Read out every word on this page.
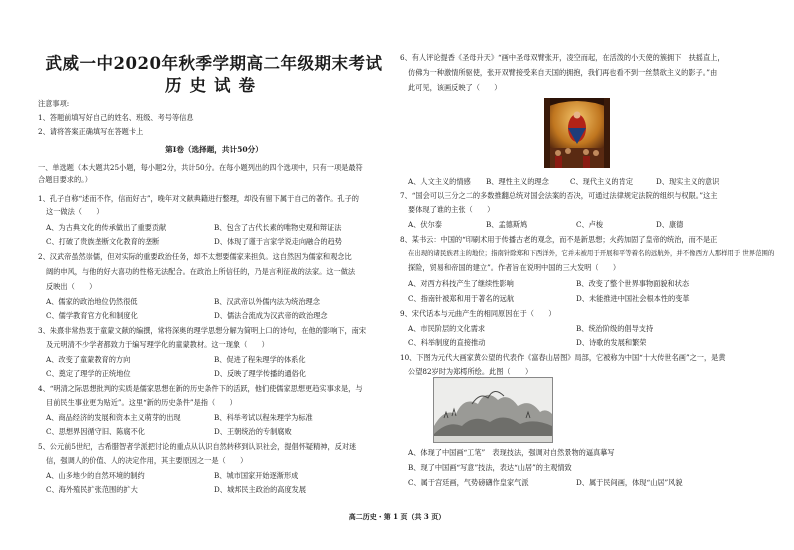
武威一中2020年秋季学期高二年级期末考试
历史试卷
注意事项:
1、答题前填写好自己的姓名、班级、考号等信息
2、请将答案正确填写在答题卡上
第Ⅰ卷（选择题，共计50分）
一、单选题（本大题共25小题，每小题2分，共计50分。在每小题列出的四个选项中，只有一项是最符
合题目要求的。）
1、孔子自称“述而不作，信而好古”，晚年对文献典籍进行整理，却没有留下属于自己的著作。孔子的
这一做法（　　）
A、为古典文化的传承做出了重要贡献	B、包含了古代长素的唯物史观和辩证法
C、打破了贵族垄断文化教育的垄断	D、体现了谨于言家学说走向融合的趋势
2、汉武帝虽然崇儒，但对实际的重要政治任务，却不太想要儒家来担负。这自然因为儒家和观念比
阔的申风，与他的好大喜功的性格无法配合。在政治上所信任的，乃是言利征战的法家。这一做法
反映出（　　）
A、儒家的政治地位仍然很低	B、汉武帝以外儒内法为统治理念
C、儒学教育官方化和制度化	D、儒法合流成为汉武帝的政治理念
3、朱熹非常热衷于童蒙文献的编撰，常将深奥的理学思想分解为简明上口的诗句，在他的影响下，南宋
及元明清不少学者都致力于编写理学化的童蒙教材。这一现象（　　）
A、改变了童蒙教育的方向	B、促进了程朱理学的体系化
C、奠定了理学的正统地位	D、反映了理学传播的通俗化
4、“明清之际思想批判的实质是儒家思想在新的历史条件下的活跃，他们使儒家思想更趋实事求是，与
目前民生事业更为贴近”。这里“新的历史条件”是指（　　）
A、商品经济的发展和资本主义萌芽的出现	B、科举考试以程朱理学为标准
C、思想界因循守旧、陈腐不化	D、王朝统治的专制腐败
5、公元前5世纪，古希腊智者学派把讨论的重点从认识自然转移到认识社会，提倡怀疑精神，反对迷
信，强调人的价值、人的决定作用，其主要原因之一是（　　）
A、山多地少的自然环境的制约	B、城市国家开始逐渐形成
C、海外殖民扩张范围的扩大	D、城邦民主政治的高度发展
6、有人评论提香《圣母升天》“画中圣母双臂张开，凌空而起，在活泼的小天使的簇拥下　扶摇直上，
仿佛为一种激情所驱使，张开双臂接受来自天国的拥抱，我们再也看不到一丝禁欲主义的影子。”由
此可见，该画反映了（　　）
A、人文主义的情感 B、理性主义的理念	C、现代主义的肯定	D、现实主义的意识
7、“国会可以三分之二的多数推翻总统对国会法案的否决，可通过法律规定法院的组织与权限。”这主
要体现了谁的主张（　　）
A、伏尔泰	B、孟德斯鸠	C、卢梭	D、康德
8、某书云：中国的“印刷术用于传播古老的观念，而不是新思想；火药加固了皇帝的统治，而不是正
在出现的诸民族君主的地位；指南针除郑和下西洋外，它并未被用于开展和平等着名的远航外，并不像西方人那样用于 世界范围的
探险，贸易和帝国的建立”。作者旨在说明中国的三大发明（　　）
A、对西方科技产生了继续性影响	B、改变了整个世界事物面貌和状态
C、指南针被郑和用于著名的远航	D、未能推进中国社会根本性的变革
9、宋代话本与元曲产生的相同原因在于（　　）
A、市民阶层的文化需求	B、统治阶级的倡导支持
C、科举制度的直接推动	D、诗歌的发展和繁荣
10、下图为元代大画家黄公望的代表作《富春山居图》局部，它被称为中国“十大传世名画”之一，是黄
公望82岁时为郑樗所绘。此图（　　）
A、体现了中国画“工笔”　表现技法，强调对自然景物的逼真摹写
B、现了中国画“写意”技法，表达“山居”的主观情致
C、属于宫廷画，气势磅礴作皇家气派	D、属于民间画，体现“山居”风貌
高二历史・第 1 页（共 3 页）
